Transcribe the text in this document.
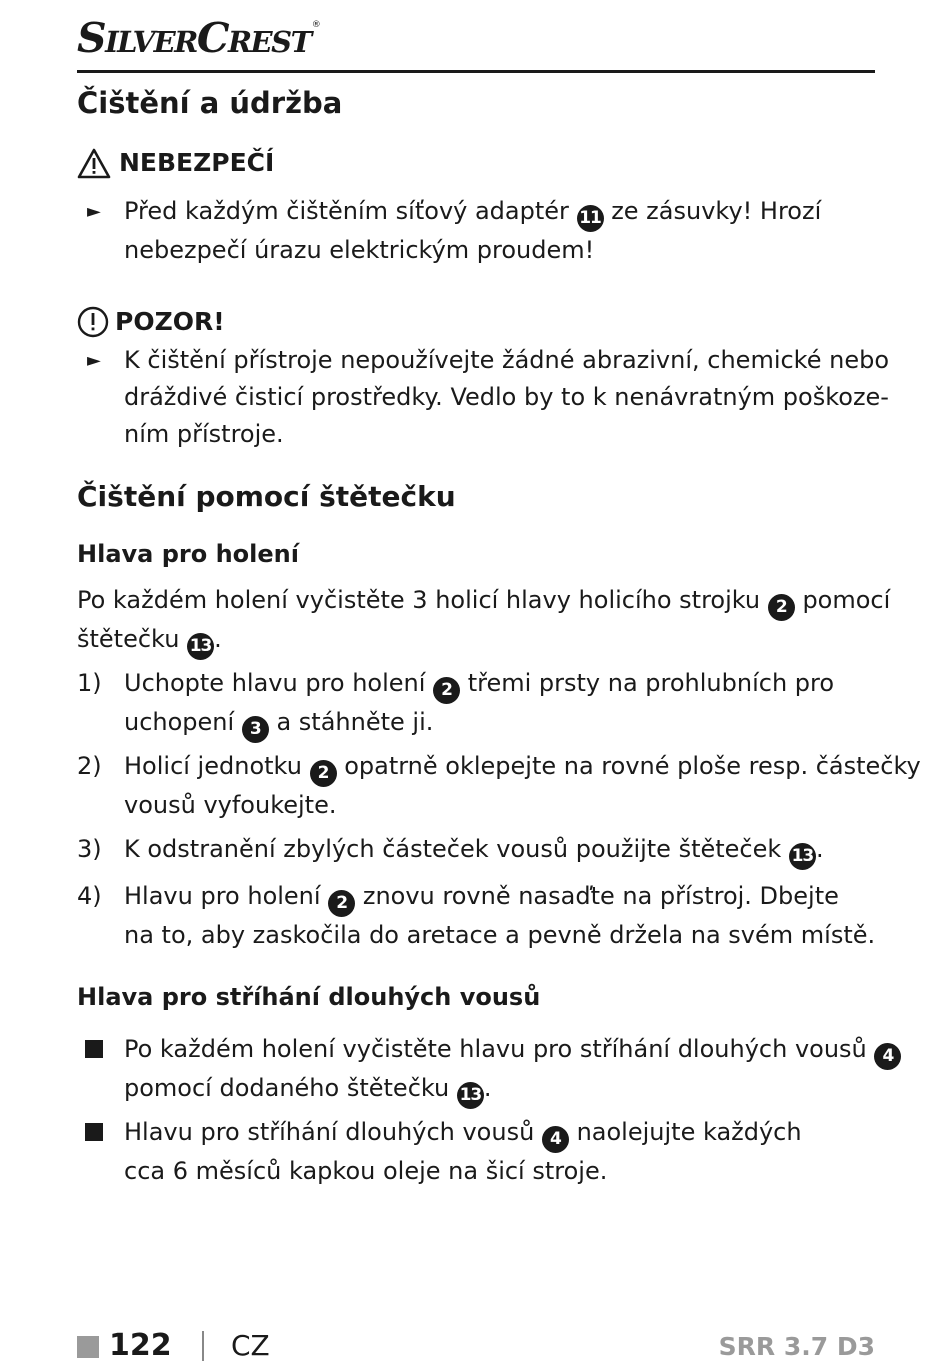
SilverCrest®
Čištění a údržba
NEBEZPEČÍ
► Před každým čištěním síťový adaptér 11 ze zásuvky! Hrozí
nebezpečí úrazu elektrickým proudem!
POZOR!
► K čištění přístroje nepoužívejte žádné abrazivní, chemické nebo
dráždivé čisticí prostředky. Vedlo by to k nenávratným poškoze-
ním přístroje.
Čištění pomocí štětečku
Hlava pro holení
Po každém holení vyčistěte 3 holicí hlavy holicího strojku 2 pomocí
štětečku 13 .
1) Uchopte hlavu pro holení 2 třemi prsty na prohlubních pro
uchopení 3 a stáhněte ji.
2) Holicí jednotku 2 opatrně oklepejte na rovné ploše resp. částečky
vousů vyfoukejte.
3) K odstranění zbylých částeček vousů použijte štěteček 13 .
4) Hlavu pro holení 2 znovu rovně nasaďte na přístroj. Dbejte
na to, aby zaskočila do aretace a pevně držela na svém místě.
Hlava pro stříhání dlouhých vousů
Po každém holení vyčistěte hlavu pro stříhání dlouhých vousů 4
pomocí dodaného štětečku 13 .
Hlavu pro stříhání dlouhých vousů 4 naolejujte každých
cca 6 měsíců kapkou oleje na šicí stroje.
122 CZ	SRR 3.7 D3
